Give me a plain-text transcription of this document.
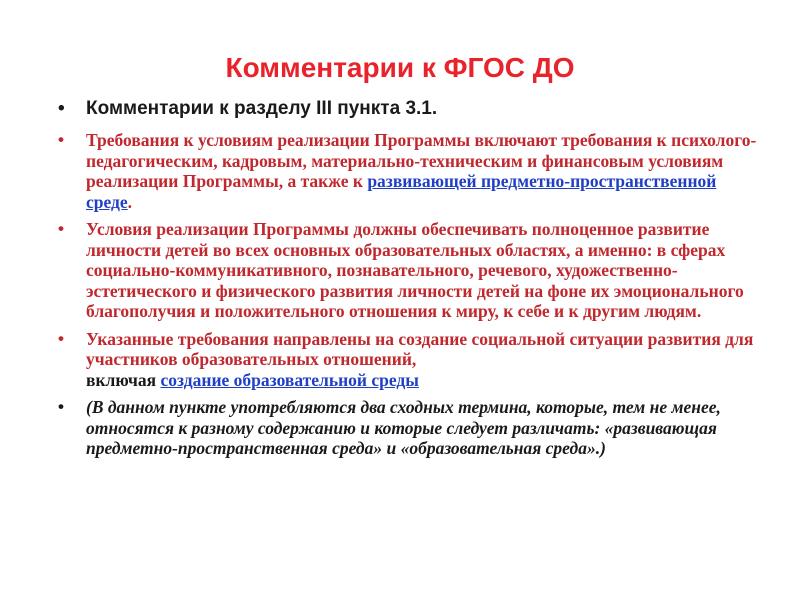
Комментарии к ФГОС ДО
• Комментарии к разделу III пункта 3.1.
• Требования к условиям реализации Программы включают требования к психолого-педагогическим, кадровым, материально-техническим и финансовым условиям реализации Программы, а также к развивающей предметно-пространственной среде.
• Условия реализации Программы должны обеспечивать полноценное развитие личности детей во всех основных образовательных областях, а именно: в сферах социально-коммуникативного, познавательного, речевого, художественно-эстетического и физического развития личности детей на фоне их эмоционального благополучия и положительного отношения к миру, к себе и к другим людям.
• Указанные требования направлены на создание социальной ситуации развития для участников образовательных отношений,
включая создание образовательной среды
• (В данном пункте употребляются два сходных термина, которые, тем не менее, относятся к разному содержанию и которые следует различать: «развивающая предметно-пространственная среда» и «образовательная среда».)
